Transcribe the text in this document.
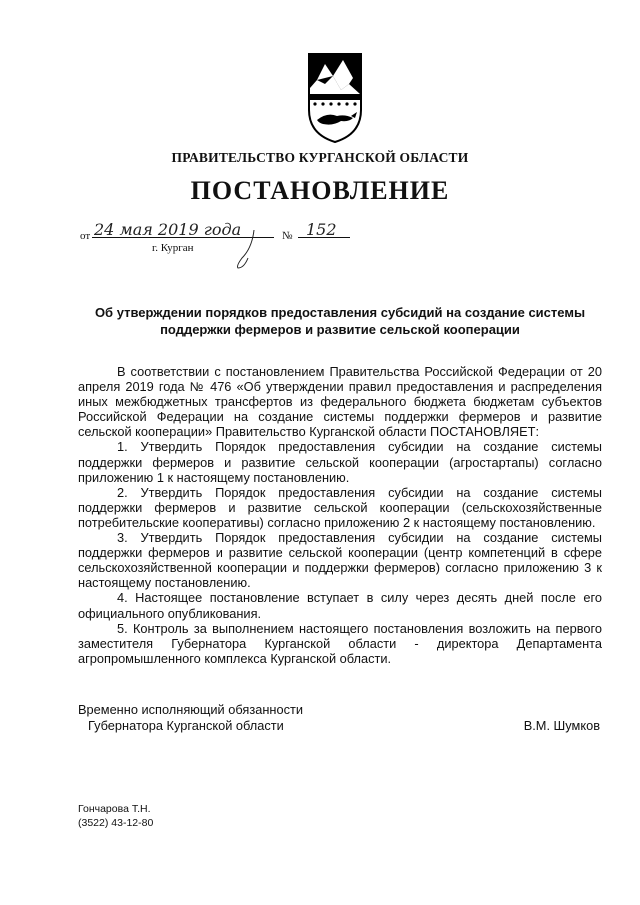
ПРАВИТЕЛЬСТВО КУРГАНСКОЙ ОБЛАСТИ
ПОСТАНОВЛЕНИЕ
от 24 мая 2019 года	№ 152
г. Курган
Об утверждении порядков предоставления субсидий на создание системы
поддержки фермеров и развитие сельской кооперации

В соответствии с постановлением Правительства Российской Федерации от 20 апреля 2019 года № 476 «Об утверждении правил предоставления и распределения иных межбюджетных трансфертов из федерального бюджета бюджетам субъектов Российской Федерации на создание системы поддержки фермеров и развитие сельской кооперации» Правительство Курганской области ПОСТАНОВЛЯЕТ:

1. Утвердить Порядок предоставления субсидии на создание системы поддержки фермеров и развитие сельской кооперации (агростартапы) согласно приложению 1 к настоящему постановлению.

2. Утвердить Порядок предоставления субсидии на создание системы поддержки фермеров и развитие сельской кооперации (сельскохозяйственные потребительские кооперативы) согласно приложению 2 к настоящему постановлению.

3. Утвердить Порядок предоставления субсидии на создание системы поддержки фермеров и развитие сельской кооперации (центр компетенций в сфере сельскохозяйственной кооперации и поддержки фермеров) согласно приложению 3 к настоящему постановлению.

4. Настоящее постановление вступает в силу через десять дней после его официального опубликования.

5. Контроль за выполнением настоящего постановления возложить на первого заместителя Губернатора Курганской области - директора Департамента агропромышленного комплекса Курганской области.

Временно исполняющий обязанности
Губернатора Курганской области	В.М. Шумков
Гончарова Т.Н.
(3522) 43-12-80
